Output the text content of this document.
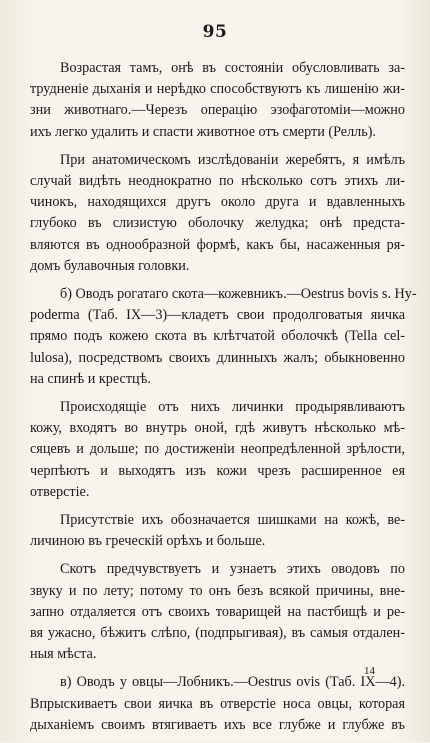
95
Возрастая тамъ, онѣ въ состоянiи обусловливать за-
трудненiе дыханiя и нерѣдко способствуютъ къ лишенiю жи-
зни животнаго.—Черезъ операцiю эзофаготомiи—можно
ихъ легко удалить и спасти животное отъ смерти (Релль).
При анатомическомъ изслѣдованiи жеребятъ, я имѣлъ
случай видѣть неоднократно по нѣсколько сотъ этихъ ли-
чинокъ, находящихся другъ около друга и вдавленныхъ
глубоко въ слизистую оболочку желудка; онѣ предста-
вляются въ однообразной формѣ, какъ бы, насаженныя ря-
домъ булавочныя головки.
б) Оводъ рогатаго скота—кожевникъ.—Oestrus bovis s. Hy-
poderma (Таб. IX—3)—кладетъ свои продолговатыя яичка
прямо подъ кожею скота въ клѣтчатой оболочкѣ (Tella cel-
lulosa), посредствомъ своихъ длинныхъ жалъ; обыкновенно
на спинѣ и крестцѣ.
Происходящiе отъ нихъ личинки продырявливаютъ
кожу, входятъ во внутрь оной, гдѣ живутъ нѣсколько мѣ-
сяцевъ и дольше; по достиженiи неопредѣленной зрѣлости,
черпѣютъ и выходятъ изъ кожи чрезъ расширенное ея
отверстiе.
Присутствiе ихъ обозначается шишками на кожѣ, ве-
личиною въ греческiй орѣхъ и больше.
Скотъ предчувствуетъ и узнаетъ этихъ оводовъ по
звуку и по лету; потому то онъ безъ всякой причины, вне-
запно отдаляется отъ своихъ товарищей на пастбищѣ и ре-
вя ужасно, бѣжитъ слѣпо, (подпрыгивая), въ самыя отдален-
ныя мѣста.
в) Оводъ у овцы—Лобникъ.—Oestrus ovis (Таб. IX—4).
Впрыскиваетъ свои яичка въ отверстiе носа овцы, которая
дыханiемъ своимъ втягиваетъ ихъ все глубже и глубже въ
14
